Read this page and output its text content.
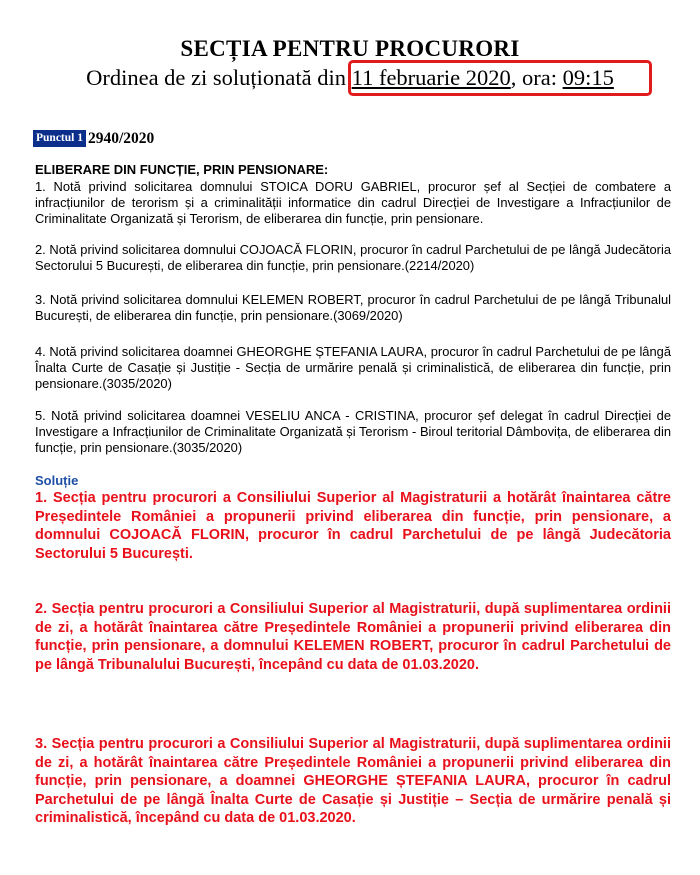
SECȚIA PENTRU PROCURORI
Ordinea de zi soluționată din 11 februarie 2020, ora: 09:15
Punctul 1 2940/2020
ELIBERARE DIN FUNCȚIE, PRIN PENSIONARE:
1. Notă privind solicitarea domnului STOICA DORU GABRIEL, procuror șef al Secției de combatere a infracțiunilor de terorism și a criminalității informatice din cadrul Direcției de Investigare a Infracțiunilor de Criminalitate Organizată și Terorism, de eliberarea din funcție, prin pensionare.
2. Notă privind solicitarea domnului COJOACĂ FLORIN, procuror în cadrul Parchetului de pe lângă Judecătoria Sectorului 5 București, de eliberarea din funcție, prin pensionare.(2214/2020)
3. Notă privind solicitarea domnului KELEMEN ROBERT, procuror în cadrul Parchetului de pe lângă Tribunalul București, de eliberarea din funcție, prin pensionare.(3069/2020)
4. Notă privind solicitarea doamnei GHEORGHE ȘTEFANIA LAURA, procuror în cadrul Parchetului de pe lângă Înalta Curte de Casație și Justiție - Secția de urmărire penală și criminalistică, de eliberarea din funcție, prin pensionare.(3035/2020)
5. Notă privind solicitarea doamnei VESELIU ANCA - CRISTINA, procuror șef delegat în cadrul Direcției de Investigare a Infracțiunilor de Criminalitate Organizată și Terorism - Biroul teritorial Dâmbovița, de eliberarea din funcție, prin pensionare.(3035/2020)
Soluție
1. Secția pentru procurori a Consiliului Superior al Magistraturii a hotărât înaintarea către Președintele României a propunerii privind eliberarea din funcție, prin pensionare, a domnului COJOACĂ FLORIN, procuror în cadrul Parchetului de pe lângă Judecătoria Sectorului 5 București.
2. Secția pentru procurori a Consiliului Superior al Magistraturii, după suplimentarea ordinii de zi, a hotărât înaintarea către Președintele României a propunerii privind eliberarea din funcție, prin pensionare, a domnului KELEMEN ROBERT, procuror în cadrul Parchetului de pe lângă Tribunalului București, începând cu data de 01.03.2020.
3. Secția pentru procurori a Consiliului Superior al Magistraturii, după suplimentarea ordinii de zi, a hotărât înaintarea către Președintele României a propunerii privind eliberarea din funcție, prin pensionare, a doamnei GHEORGHE ȘTEFANIA LAURA, procuror în cadrul Parchetului de pe lângă Înalta Curte de Casație și Justiție – Secția de urmărire penală și criminalistică, începând cu data de 01.03.2020.
